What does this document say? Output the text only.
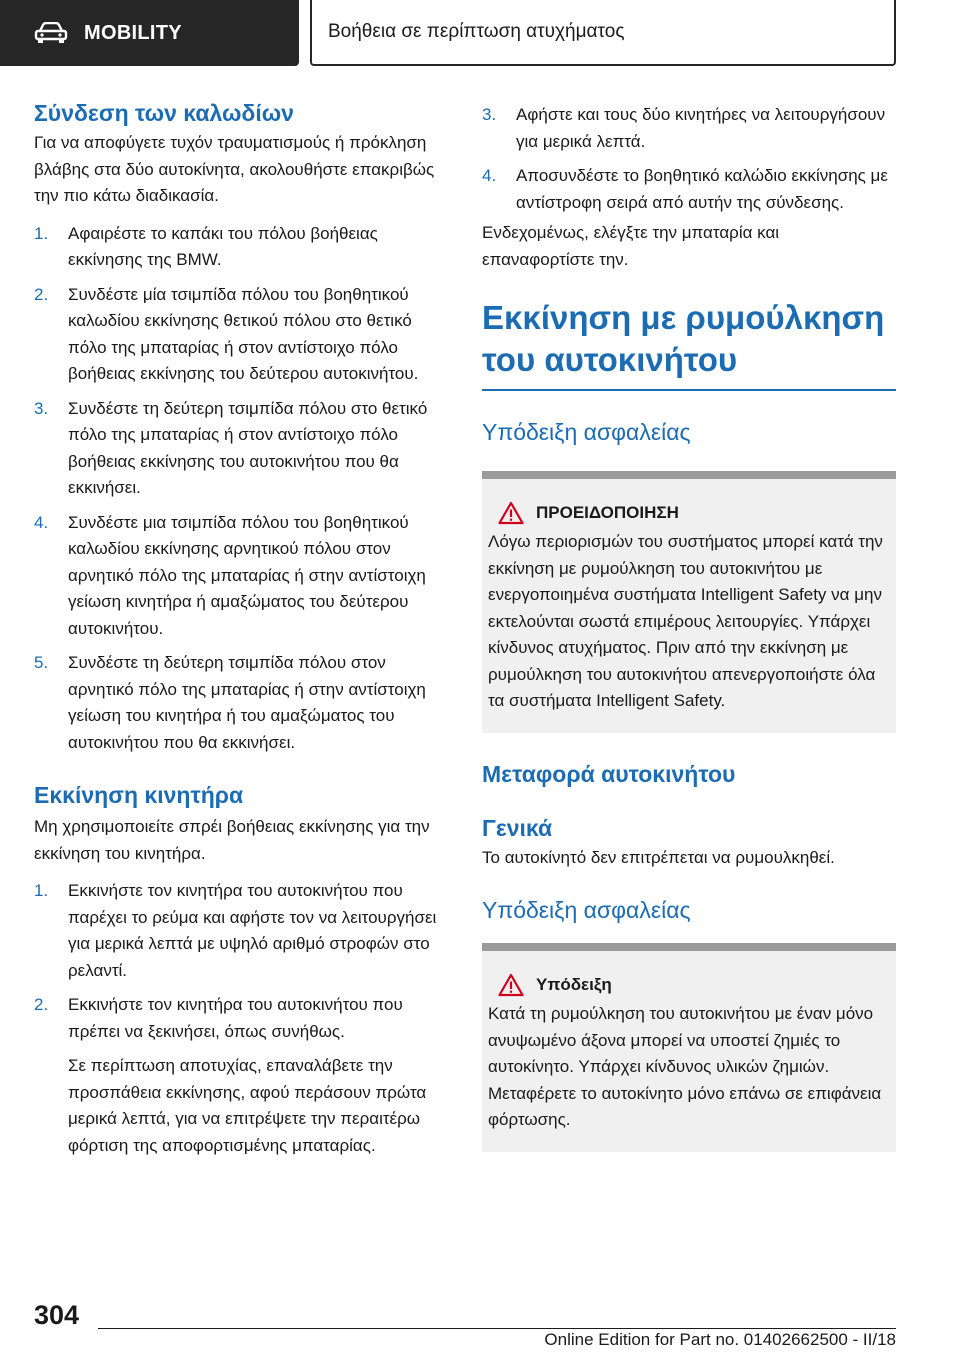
MOBILITY	Βοήθεια σε περίπτωση ατυχήματος
Σύνδεση των καλωδίων

Για να αποφύγετε τυχόν τραυματισμούς ή πρόκληση βλάβης στα δύο αυτοκίνητα, ακολουθήστε επακριβώς την πιο κάτω διαδικασία.

1. Αφαιρέστε το καπάκι του πόλου βοήθειας εκκίνησης της BMW.
2. Συνδέστε μία τσιμπίδα πόλου του βοηθητικού καλωδίου εκκίνησης θετικού πόλου στο θετικό πόλο της μπαταρίας ή στον αντίστοιχο πόλο βοήθειας εκκίνησης του δεύτερου αυτοκινήτου.
3. Συνδέστε τη δεύτερη τσιμπίδα πόλου στο θετικό πόλο της μπαταρίας ή στον αντίστοιχο πόλο βοήθειας εκκίνησης του αυτοκινήτου που θα εκκινήσει.
4. Συνδέστε μια τσιμπίδα πόλου του βοηθητικού καλωδίου εκκίνησης αρνητικού πόλου στον αρνητικό πόλο της μπαταρίας ή στην αντίστοιχη γείωση κινητήρα ή αμαξώματος του δεύτερου αυτοκινήτου.
5. Συνδέστε τη δεύτερη τσιμπίδα πόλου στον αρνητικό πόλο της μπαταρίας ή στην αντίστοιχη γείωση του κινητήρα ή του αμαξώματος του αυτοκινήτου που θα εκκινήσει.
Εκκίνηση κινητήρα

Μη χρησιμοποιείτε σπρέι βοήθειας εκκίνησης για την εκκίνηση του κινητήρα.

1. Εκκινήστε τον κινητήρα του αυτοκινήτου που παρέχει το ρεύμα και αφήστε τον να λειτουργήσει για μερικά λεπτά με υψηλό αριθμό στροφών στο ρελαντί.
2. Εκκινήστε τον κινητήρα του αυτοκινήτου που πρέπει να ξεκινήσει, όπως συνήθως.

Σε περίπτωση αποτυχίας, επαναλάβετε την προσπάθεια εκκίνησης, αφού περάσουν πρώτα μερικά λεπτά, για να επιτρέψετε την περαιτέρω φόρτιση της αποφορτισμένης μπαταρίας.

3. Αφήστε και τους δύο κινητήρες να λειτουργήσουν για μερικά λεπτά.
4. Αποσυνδέστε το βοηθητικό καλώδιο εκκίνησης με αντίστροφη σειρά από αυτήν της σύνδεσης.

Ενδεχομένως, ελέγξτε την μπαταρία και επαναφορτίστε την.

Εκκίνηση με ρυμούλκηση του αυτοκινήτου
Υπόδειξη ασφαλείας
ΠΡΟΕΙΔΟΠΟΙΗΣΗ

Λόγω περιορισμών του συστήματος μπορεί κατά την εκκίνηση με ρυμούλκηση του αυτοκινήτου με ενεργοποιημένα συστήματα Intelligent Safety να μην εκτελούνται σωστά επιμέρους λειτουργίες. Υπάρχει κίνδυνος ατυχήματος. Πριν από την εκκίνηση με ρυμούλκηση του αυτοκινήτου απενεργοποιήστε όλα τα συστήματα Intelligent Safety.

Μεταφορά αυτοκινήτου
Γενικά

Το αυτοκίνητό δεν επιτρέπεται να ρυμουλκηθεί.

Υπόδειξη ασφαλείας
Υπόδειξη

Κατά τη ρυμούλκηση του αυτοκινήτου με έναν μόνο ανυψωμένο άξονα μπορεί να υποστεί ζημιές το αυτοκίνητο. Υπάρχει κίνδυνος υλικών ζημιών. Μεταφέρετε το αυτοκίνητο μόνο επάνω σε επιφάνεια φόρτωσης.

304
Online Edition for Part no. 01402662500 - II/18
